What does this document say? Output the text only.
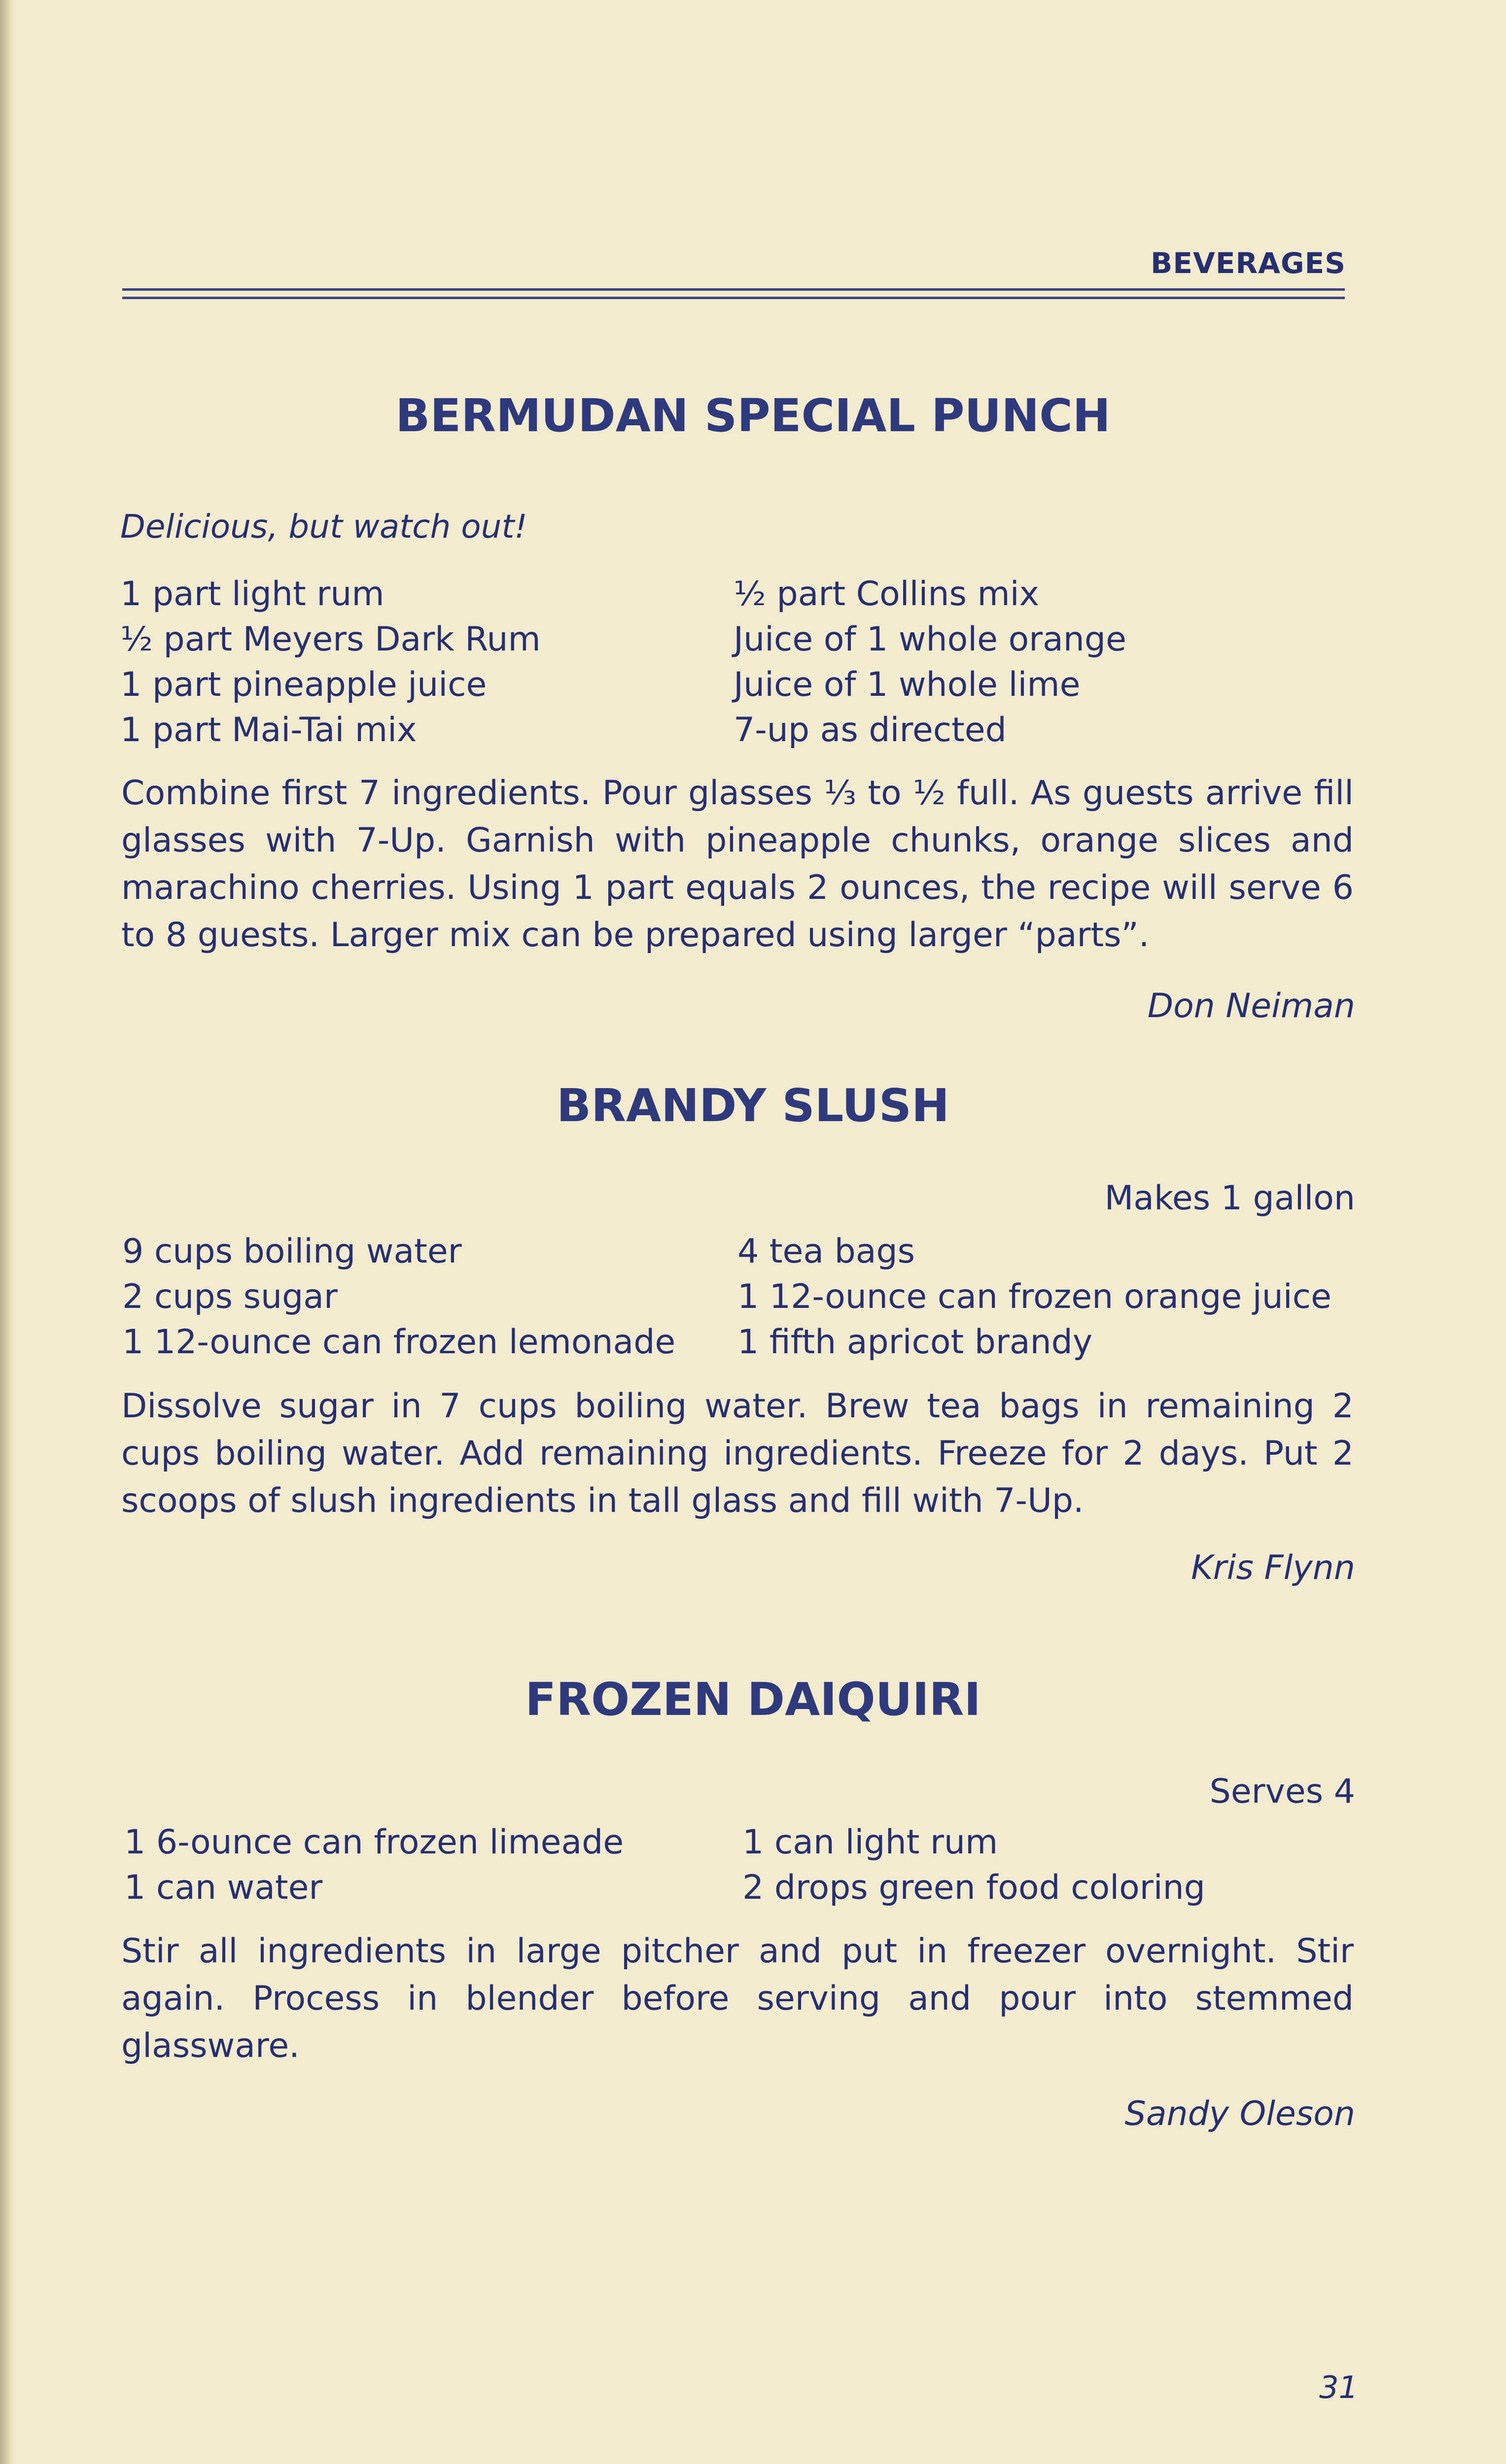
BEVERAGES
BERMUDAN SPECIAL PUNCH
Delicious, but watch out!
1 part light rum
½ part Meyers Dark Rum
1 part pineapple juice
1 part Mai-Tai mix
½ part Collins mix
Juice of 1 whole orange
Juice of 1 whole lime
7-up as directed

Combine first 7 ingredients. Pour glasses ⅓ to ½ full. As guests arrive fill glasses with 7-Up. Garnish with pineapple chunks, orange slices and marachino cherries. Using 1 part equals 2 ounces, the recipe will serve 6 to 8 guests. Larger mix can be prepared using larger “parts”.

Don Neiman
BRANDY SLUSH
Makes 1 gallon
9 cups boiling water
2 cups sugar
1 12-ounce can frozen lemonade
4 tea bags
1 12-ounce can frozen orange juice
1 fifth apricot brandy

Dissolve sugar in 7 cups boiling water. Brew tea bags in remaining 2 cups boiling water. Add remaining ingredients. Freeze for 2 days. Put 2 scoops of slush ingredients in tall glass and fill with 7-Up.

Kris Flynn
FROZEN DAIQUIRI
Serves 4
1 6-ounce can frozen limeade
1 can water
1 can light rum
2 drops green food coloring

Stir all ingredients in large pitcher and put in freezer overnight. Stir again. Process in blender before serving and pour into stemmed glassware.

Sandy Oleson
31
